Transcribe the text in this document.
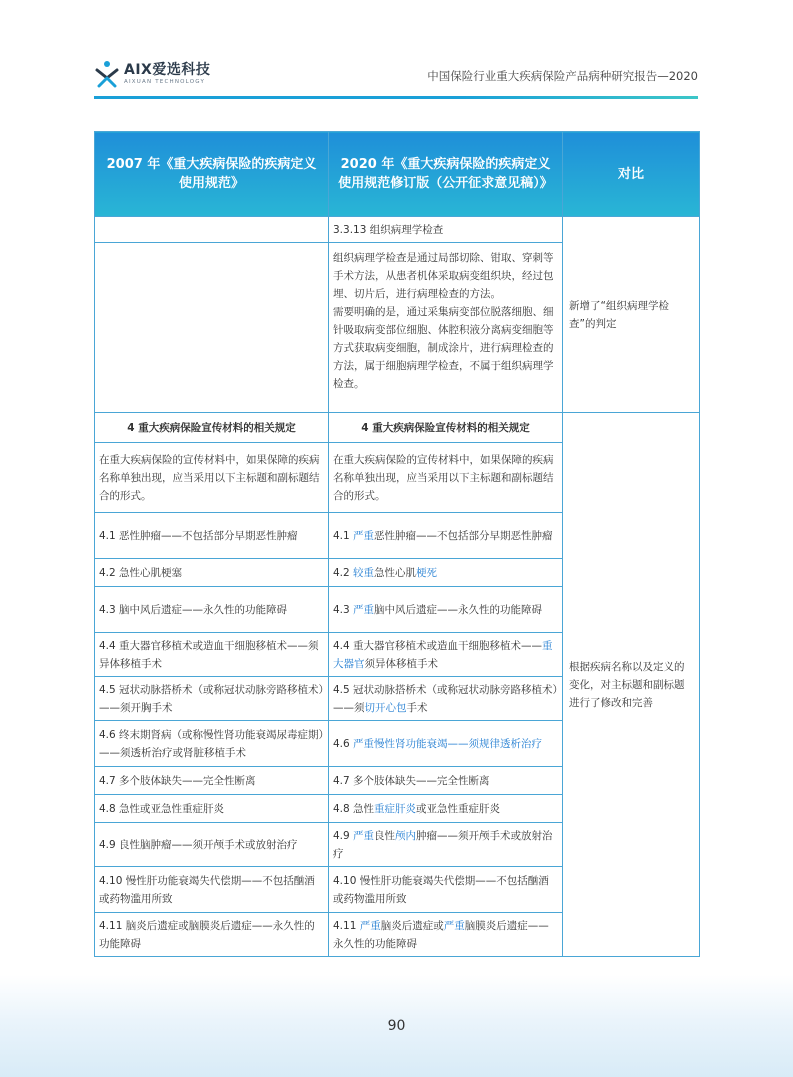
AIX爱选科技
AIXUAN TECHNOLOGY	中国保险行业重大疾病保险产品病种研究报告—2020
2007 年《重大疾病保险的疾病定义使用规范》	2020 年《重大疾病保险的疾病定义使用规范修订版（公开征求意见稿）》	对比
	3.3.13 组织病理学检查	新增了“组织病理学检查”的判定

	组织病理学检查是通过局部切除、钳取、穿刺等手术方法，从患者机体采取病变组织块，经过包埋、切片后，进行病理检查的方法。
需要明确的是，通过采集病变部位脱落细胞、细针吸取病变部位细胞、体腔积液分离病变细胞等方式获取病变细胞，制成涂片，进行病理检查的方法，属于细胞病理学检查，不属于组织病理学检查。	

4 重大疾病保险宣传材料的相关规定	4 重大疾病保险宣传材料的相关规定	根据疾病名称以及定义的变化，对主标题和副标题进行了修改和完善
在重大疾病保险的宣传材料中，如果保障的疾病名称单独出现，应当采用以下主标题和副标题结合的形式。	在重大疾病保险的宣传材料中，如果保障的疾病名称单独出现，应当采用以下主标题和副标题结合的形式。	
4.1 恶性肿瘤——不包括部分早期恶性肿瘤	4.1 严重恶性肿瘤——不包括部分早期恶性肿瘤	
4.2 急性心肌梗塞	4.2 较重急性心肌梗死	
4.3 脑中风后遗症——永久性的功能障碍	4.3 严重脑中风后遗症——永久性的功能障碍	
4.4 重大器官移植术或造血干细胞移植术——须异体移植手术	4.4 重大器官移植术或造血干细胞移植术——重大器官须异体移植手术	
4.5 冠状动脉搭桥术（或称冠状动脉旁路移植术）——须开胸手术	4.5 冠状动脉搭桥术（或称冠状动脉旁路移植术）——须切开心包手术	
4.6 终末期肾病（或称慢性肾功能衰竭尿毒症期）——须透析治疗或肾脏移植手术	4.6 严重慢性肾功能衰竭——须规律透析治疗	
4.7 多个肢体缺失——完全性断离	4.7 多个肢体缺失——完全性断离	
4.8 急性或亚急性重症肝炎	4.8 急性重症肝炎或亚急性重症肝炎	
4.9 良性脑肿瘤——须开颅手术或放射治疗	4.9 严重良性颅内肿瘤——须开颅手术或放射治疗	
4.10 慢性肝功能衰竭失代偿期——不包括酗酒或药物滥用所致	4.10 慢性肝功能衰竭失代偿期——不包括酗酒或药物滥用所致	
4.11 脑炎后遗症或脑膜炎后遗症——永久性的功能障碍	4.11 严重脑炎后遗症或严重脑膜炎后遗症——永久性的功能障碍	
90
